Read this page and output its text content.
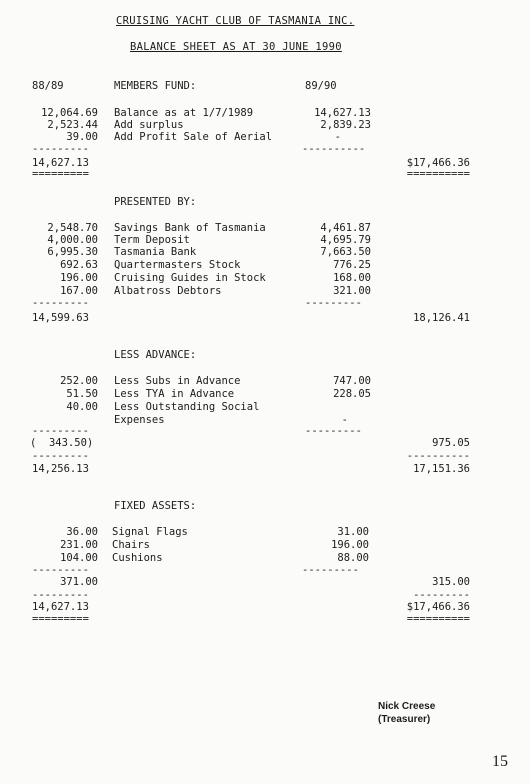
CRUISING YACHT CLUB OF TASMANIA INC.
BALANCE SHEET AS AT 30 JUNE 1990
88/89	MEMBERS FUND:	89/90
12,064.69 Balance as at 1/7/1989	14,627.13
2,523.44 Add surplus	2,839.23
39.00 Add Profit Sale of Aerial	-
---------	----------
14,627.13	$17,466.36
=========	==========
PRESENTED BY:
2,548.70 Savings Bank of Tasmania	4,461.87
4,000.00 Term Deposit	4,695.79
6,995.30 Tasmania Bank	7,663.50
692.63 Quartermasters Stock	776.25
196.00 Cruising Guides in Stock	168.00
167.00 Albatross Debtors	321.00
---------	---------
14,599.63	18,126.41
LESS ADVANCE:
252.00 Less Subs in Advance	747.00
51.50 Less TYA in Advance	228.05
40.00 Less Outstanding Social
Expenses	-
---------	---------
(  343.50)	975.05
---------	----------
14,256.13	17,151.36
FIXED ASSETS:
36.00 Signal Flags	31.00
231.00 Chairs	196.00
104.00 Cushions	88.00
---------	---------
371.00	315.00
---------	---------
14,627.13	$17,466.36
=========	==========
Nick Creese
(Treasurer)
15
